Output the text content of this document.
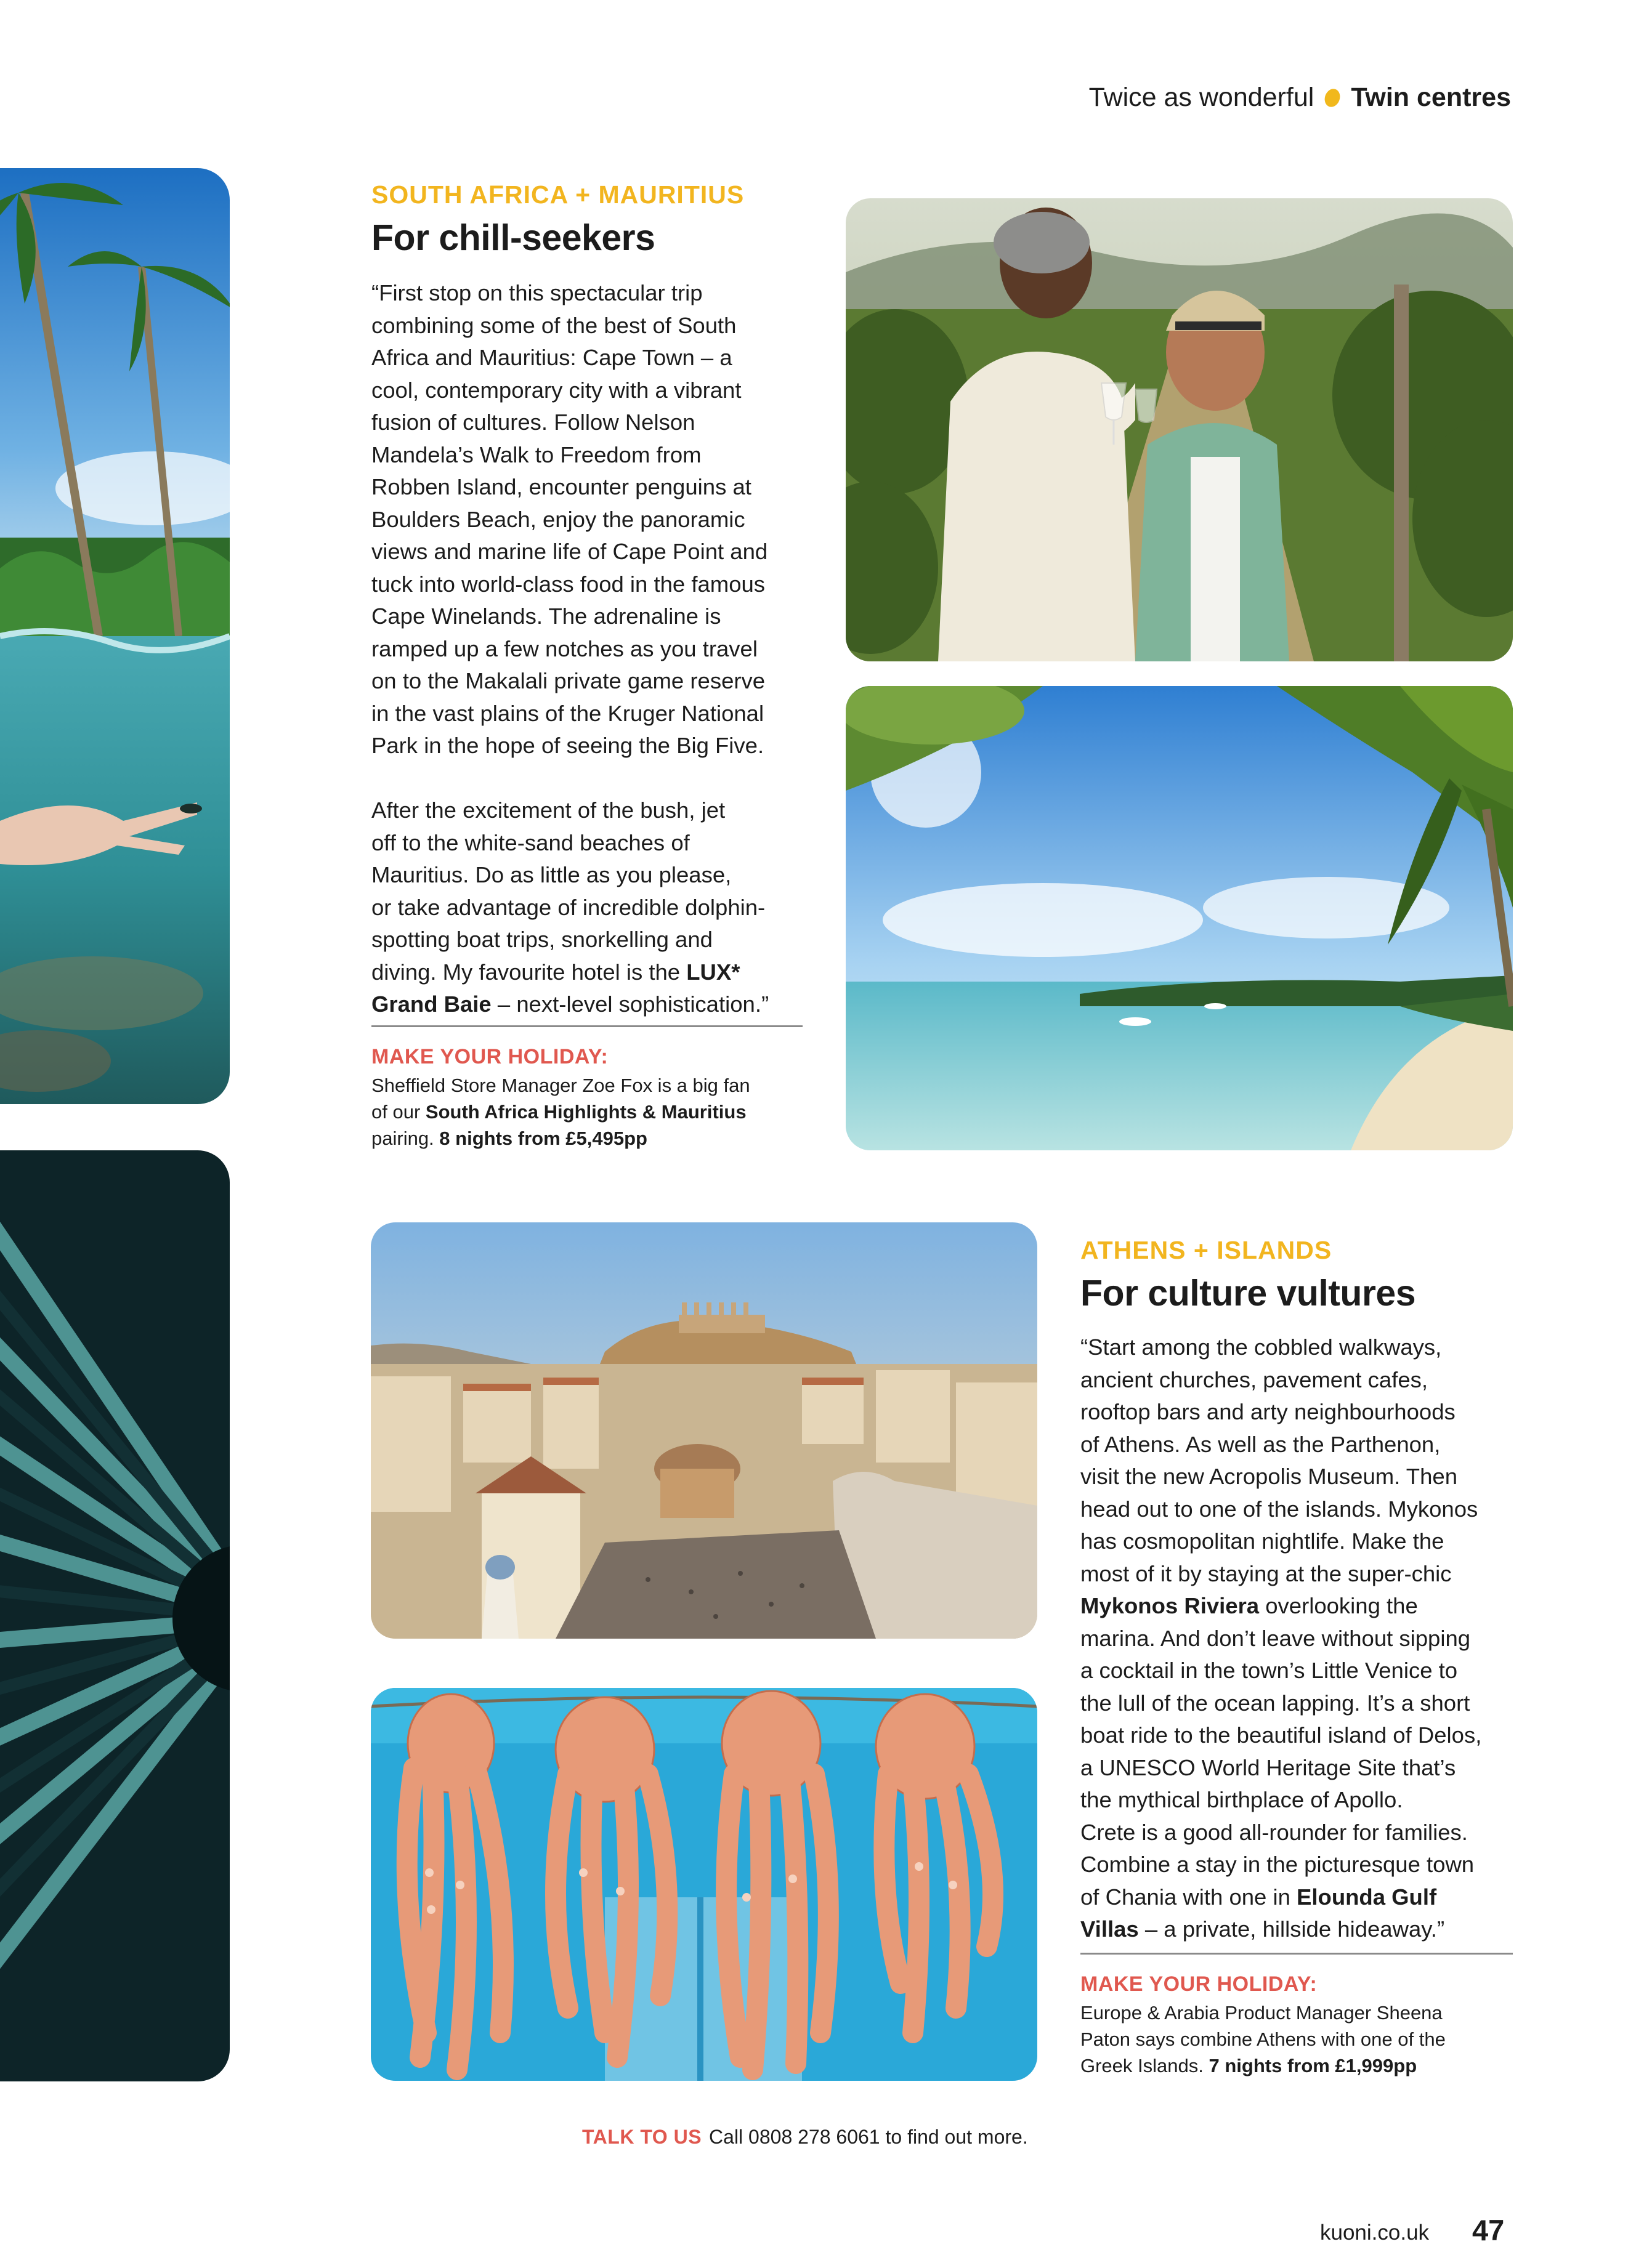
Twice as wonderful Twin centres
SOUTH AFRICA + MAURITIUS
For chill-seekers

“First stop on this spectacular trip

combining some of the best of South

Africa and Mauritius: Cape Town – a

cool, contemporary city with a vibrant

fusion of cultures. Follow Nelson

Mandela’s Walk to Freedom from

Robben Island, encounter penguins at

Boulders Beach, enjoy the panoramic

views and marine life of Cape Point and

tuck into world-class food in the famous

Cape Winelands. The adrenaline is

ramped up a few notches as you travel

on to the Makalali private game reserve

in the vast plains of the Kruger National

Park in the hope of seeing the Big Five.

After the excitement of the bush, jet

off to the white-sand beaches of

Mauritius. Do as little as you please,

or take advantage of incredible dolphin-

spotting boat trips, snorkelling and

diving. My favourite hotel is the LUX*

Grand Baie – next-level sophistication.”

MAKE YOUR HOLIDAY:
Sheffield Store Manager Zoe Fox is a big fan
of our South Africa Highlights & Mauritius
pairing. 8 nights from £5,495pp
ATHENS + ISLANDS
For culture vultures

“Start among the cobbled walkways,

ancient churches, pavement cafes,

rooftop bars and arty neighbourhoods

of Athens. As well as the Parthenon,

visit the new Acropolis Museum. Then

head out to one of the islands. Mykonos

has cosmopolitan nightlife. Make the

most of it by staying at the super-chic

Mykonos Riviera overlooking the

marina. And don’t leave without sipping

a cocktail in the town’s Little Venice to

the lull of the ocean lapping. It’s a short

boat ride to the beautiful island of Delos,

a UNESCO World Heritage Site that’s

the mythical birthplace of Apollo.

Crete is a good all-rounder for families.

Combine a stay in the picturesque town

of Chania with one in Elounda Gulf

Villas – a private, hillside hideaway.”

MAKE YOUR HOLIDAY:
Europe & Arabia Product Manager Sheena
Paton says combine Athens with one of the
Greek Islands. 7 nights from £1,999pp
TALK TO US Call 0808 278 6061 to find out more.
kuoni.co.uk 47
